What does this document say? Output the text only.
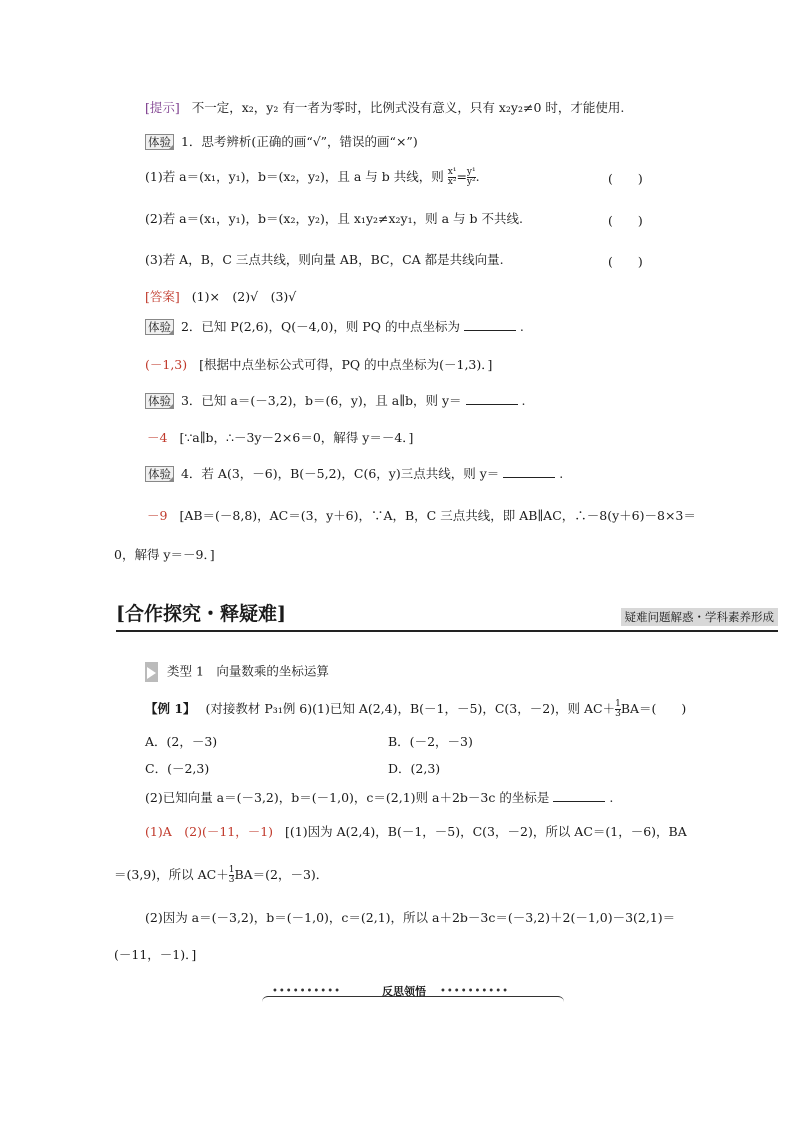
[提示] 不一定，x₂，y₂ 有一者为零时，比例式没有意义，只有 x₂y₂≠0 时，才能使用.
体验 1．思考辨析(正确的画“√”，错误的画“×”)
(1)若 a＝(x₁，y₁)，b＝(x₂，y₂)，且 a 与 b 共线，则 $\frac{\text{x¹}}{\text{x²}} = \frac{\text{y¹}}{\text{y²}}$ .	(　　)
(2)若 a＝(x₁，y₁)，b＝(x₂，y₂)，且 x₁y₂≠x₂y₁，则 a 与 b 不共线.	(　　)
(3)若 A，B，C 三点共线，则向量 AB，BC，CA 都是共线向量.	(　　)
[答案] (1)×　(2)√　(3)√
体验 2．已知 P(2,6)，Q(－4,0)，则 PQ 的中点坐标为	.
(－1,3) [根据中点坐标公式可得，PQ 的中点坐标为(－1,3)．]
体验 3．已知 a＝(－3,2)，b＝(6，y)，且 a∥b，则 y＝	.
－4 [∵a∥b，∴－3y－2×6＝0，解得 y＝－4．]
体验 4．若 A(3，－6)，B(－5,2)，C(6，y)三点共线，则 y＝	.
－9 [AB＝(－8,8)，AC＝(3，y＋6)，∵A，B，C 三点共线，即 AB∥AC，∴－8(y＋6)－8×3＝
0，解得 y＝－9．]
[合作探究・释疑难]	疑难问题解惑・学科素养形成
类型 1　向量数乘的坐标运算
【例 1】 (对接教材 P₃₁例 6)(1)已知 A(2,4)，B(－1，－5)，C(3，－2)，则 $AC+ \frac{1}{3} BA=$(　　)
A．(2，－3)	B．(－2，－3)
C．(－2,3)	D．(2,3)
(2)已知向量 a＝(－3,2)，b＝(－1,0)，c＝(2,1)则 a＋2b－3c 的坐标是	.
(1)A　(2)(－11，－1) [(1)因为 A(2,4)，B(－1，－5)，C(3，－2)，所以 AC＝(1，－6)，BA
＝(3,9)，所以 $AC+ \frac{1}{3} BA=(2$，－3)．
(2)因为 a＝(－3,2)，b＝(－1,0)，c＝(2,1)，所以 a＋2b－3c＝(－3,2)＋2(－1,0)－3(2,1)＝
(－11，－1)．]
••••••••••	反思领悟 ••••••••••
